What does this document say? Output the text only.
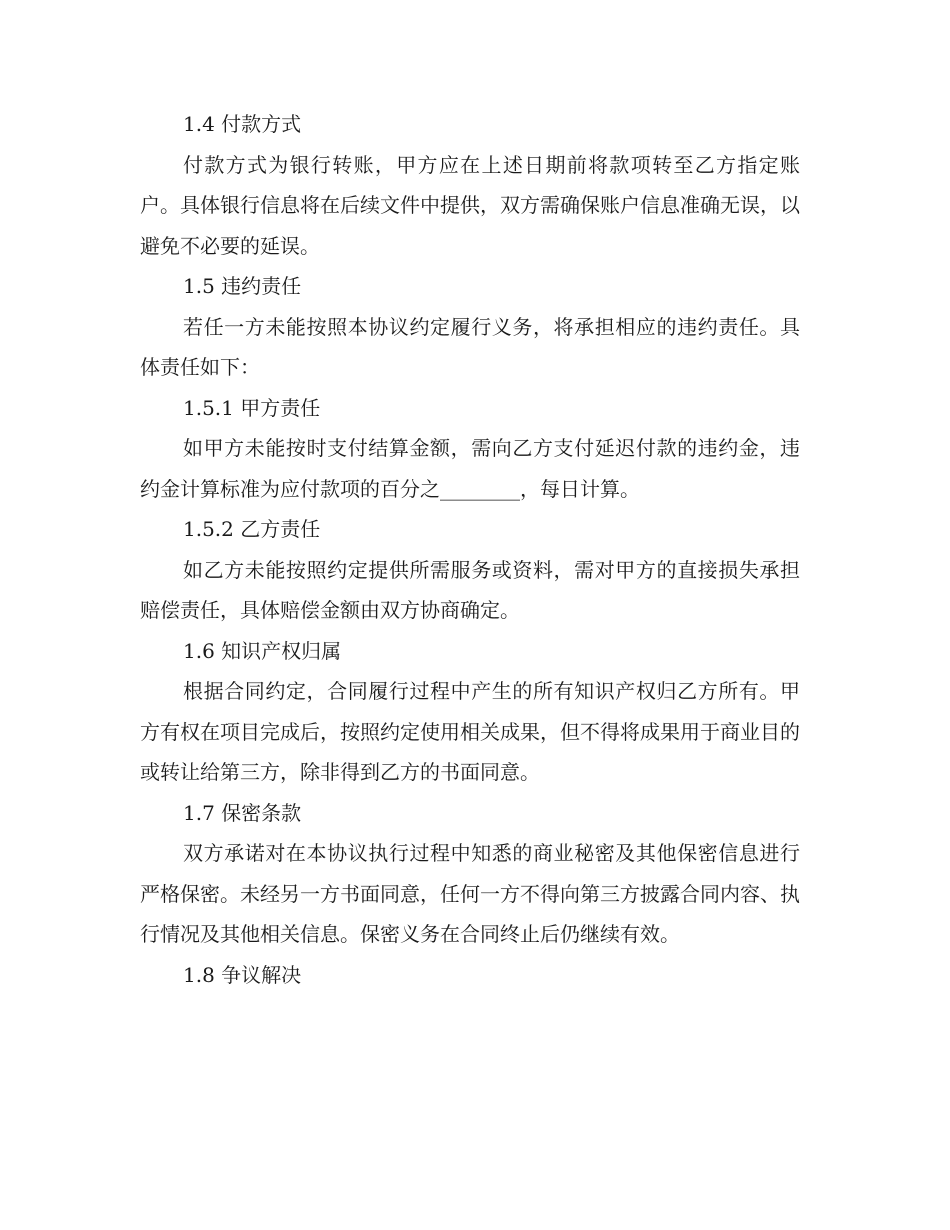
1.4 付款方式
付款方式为银行转账，甲方应在上述日期前将款项转至乙方指定账户。具体银行信息将在后续文件中提供，双方需确保账户信息准确无误，以避免不必要的延误。
1.5 违约责任
若任一方未能按照本协议约定履行义务，将承担相应的违约责任。具体责任如下：
1.5.1 甲方责任
如甲方未能按时支付结算金额，需向乙方支付延迟付款的违约金，违约金计算标准为应付款项的百分之________，每日计算。
1.5.2 乙方责任
如乙方未能按照约定提供所需服务或资料，需对甲方的直接损失承担赔偿责任，具体赔偿金额由双方协商确定。
1.6 知识产权归属
根据合同约定，合同履行过程中产生的所有知识产权归乙方所有。甲方有权在项目完成后，按照约定使用相关成果，但不得将成果用于商业目的或转让给第三方，除非得到乙方的书面同意。
1.7 保密条款
双方承诺对在本协议执行过程中知悉的商业秘密及其他保密信息进行严格保密。未经另一方书面同意，任何一方不得向第三方披露合同内容、执行情况及其他相关信息。保密义务在合同终止后仍继续有效。
1.8 争议解决
